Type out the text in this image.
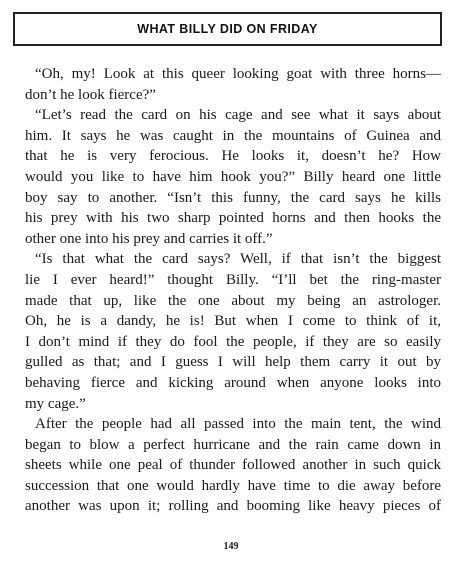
WHAT BILLY DID ON FRIDAY
“Oh, my! Look at this queer looking goat with three horns—
don’t he look fierce?”
“Let’s read the card on his cage and see what it says about
him. It says he was caught in the mountains of Guinea and
that he is very ferocious. He looks it, doesn’t he? How
would you like to have him hook you?” Billy heard one little
boy say to another. “Isn’t this funny, the card says he kills
his prey with his two sharp pointed horns and then hooks the
other one into his prey and carries it off.”
“Is that what the card says? Well, if that isn’t the biggest
lie I ever heard!” thought Billy. “I’ll bet the ring-master
made that up, like the one about my being an astrologer.
Oh, he is a dandy, he is! But when I come to think of it,
I don’t mind if they do fool the people, if they are so easily
gulled as that; and I guess I will help them carry it out by
behaving fierce and kicking around when anyone looks into
my cage.”
After the people had all passed into the main tent, the wind
began to blow a perfect hurricane and the rain came down in
sheets while one peal of thunder followed another in such quick
succession that one would hardly have time to die away before
another was upon it; rolling and booming like heavy pieces of
149
